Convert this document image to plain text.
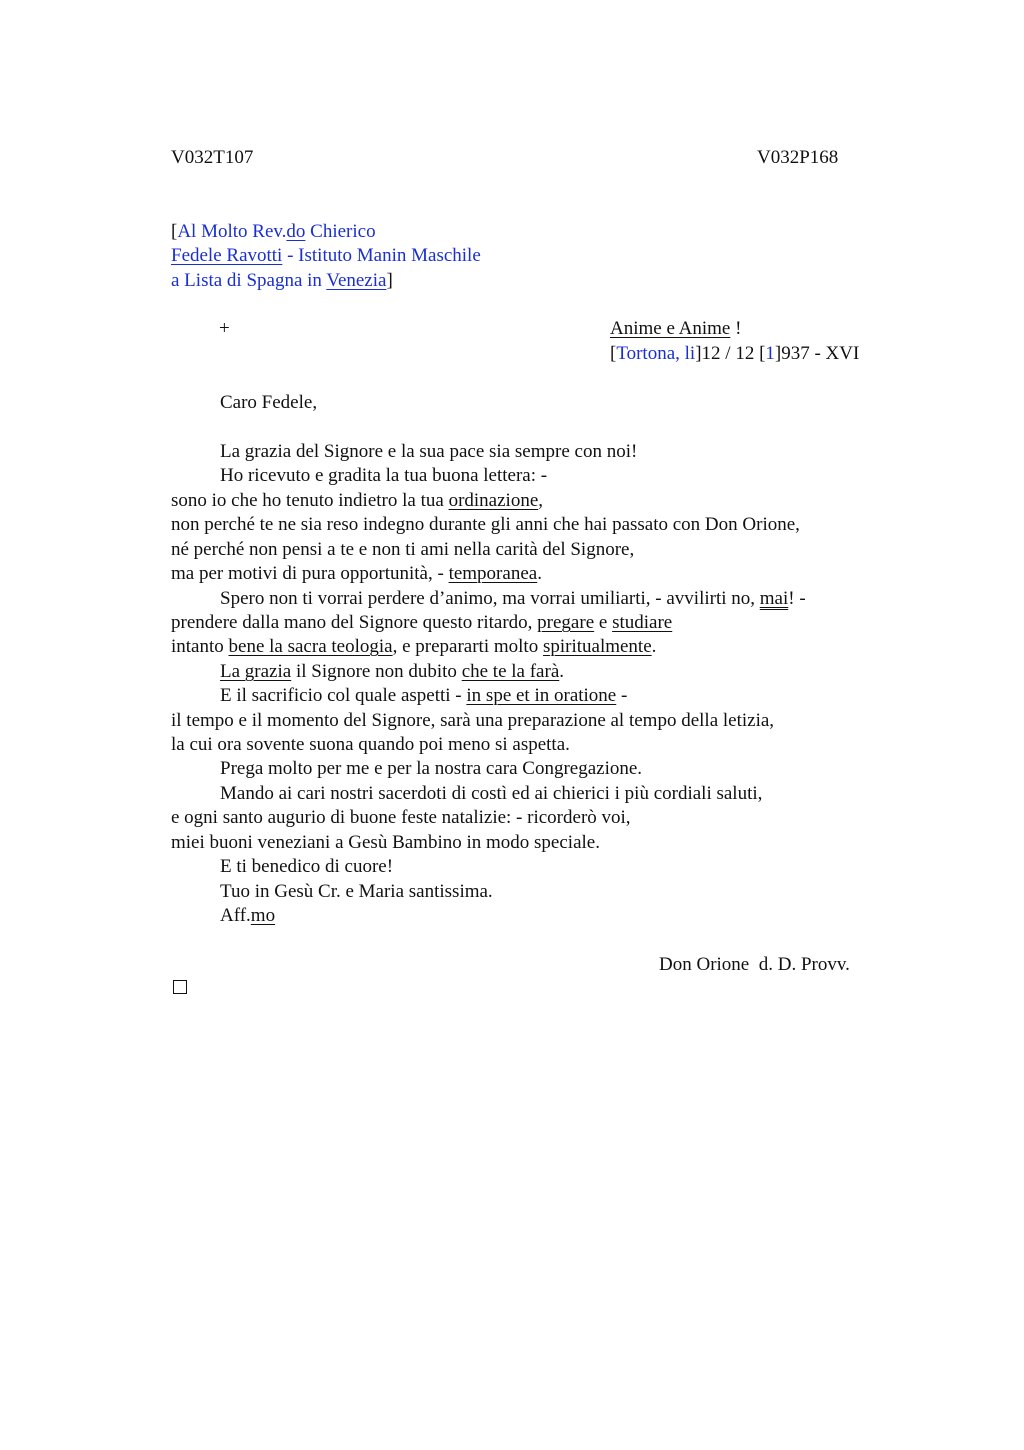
V032T107	V032P168
[Al Molto Rev.do Chierico
Fedele Ravotti - Istituto Manin Maschile
a Lista di Spagna in Venezia]
+	Anime e Anime !
[Tortona, li]12 / 12 [1]937 - XVI
Caro Fedele,
La grazia del Signore e la sua pace sia sempre con noi!
Ho ricevuto e gradita la tua buona lettera: -
sono io che ho tenuto indietro la tua ordinazione,
non perché te ne sia reso indegno durante gli anni che hai passato con Don Orione,
né perché non pensi a te e non ti ami nella carità del Signore,
ma per motivi di pura opportunità, - temporanea.
Spero non ti vorrai perdere d’animo, ma vorrai umiliarti, - avvilirti no, mai! -
prendere dalla mano del Signore questo ritardo, pregare e studiare
intanto bene la sacra teologia, e prepararti molto spiritualmente.
La grazia il Signore non dubito che te la farà.
E il sacrificio col quale aspetti - in spe et in oratione -
il tempo e il momento del Signore, sarà una preparazione al tempo della letizia,
la cui ora sovente suona quando poi meno si aspetta.
Prega molto per me e per la nostra cara Congregazione.
Mando ai cari nostri sacerdoti di costì ed ai chierici i più cordiali saluti,
e ogni santo augurio di buone feste natalizie: - ricorderò voi,
miei buoni veneziani a Gesù Bambino in modo speciale.
E ti benedico di cuore!
Tuo in Gesù Cr. e Maria santissima.
Aff.mo
Don Orione  d. D. Provv.
